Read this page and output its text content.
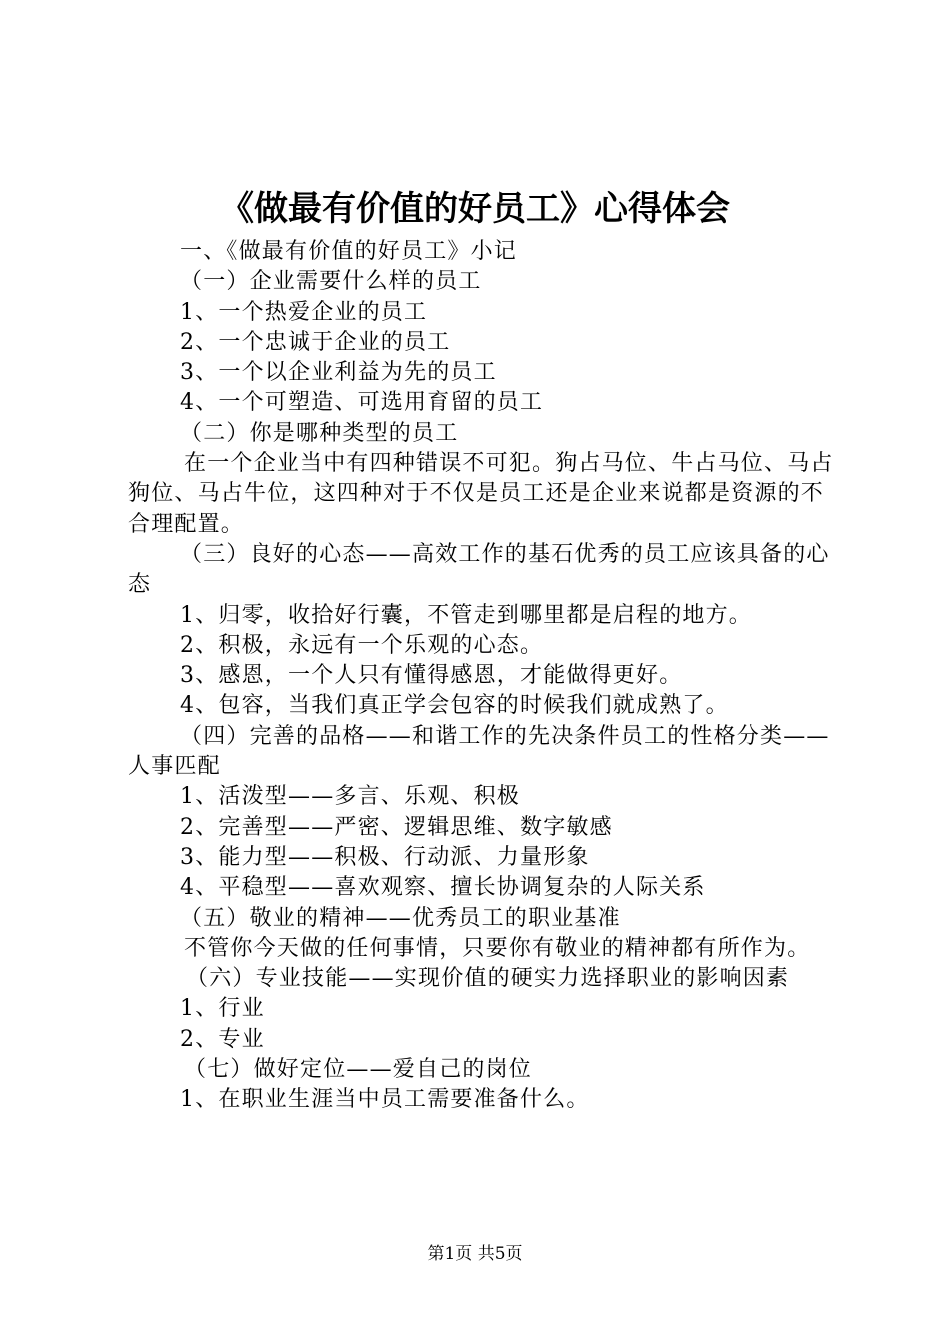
《做最有价值的好员工》心得体会

一、《做最有价值的好员工》小记

（一）企业需要什么样的员工

1、一个热爱企业的员工

2、一个忠诚于企业的员工

3、一个以企业利益为先的员工

4、一个可塑造、可选用育留的员工

（二）你是哪种类型的员工

在一个企业当中有四种错误不可犯。狗占马位、牛占马位、马占狗位、马占牛位，这四种对于不仅是员工还是企业来说都是资源的不合理配置。

（三）良好的心态——高效工作的基石优秀的员工应该具备的心态

1、归零，收拾好行囊，不管走到哪里都是启程的地方。

2、积极，永远有一个乐观的心态。

3、感恩，一个人只有懂得感恩，才能做得更好。

4、包容，当我们真正学会包容的时候我们就成熟了。

（四）完善的品格——和谐工作的先决条件员工的性格分类——人事匹配

1、活泼型——多言、乐观、积极

2、完善型——严密、逻辑思维、数字敏感

3、能力型——积极、行动派、力量形象

4、平稳型——喜欢观察、擅长协调复杂的人际关系

（五）敬业的精神——优秀员工的职业基准

不管你今天做的任何事情，只要你有敬业的精神都有所作为。

（六）专业技能——实现价值的硬实力选择职业的影响因素

1、行业

2、专业

（七）做好定位——爱自己的岗位

1、在职业生涯当中员工需要准备什么。

第1页 共5页
